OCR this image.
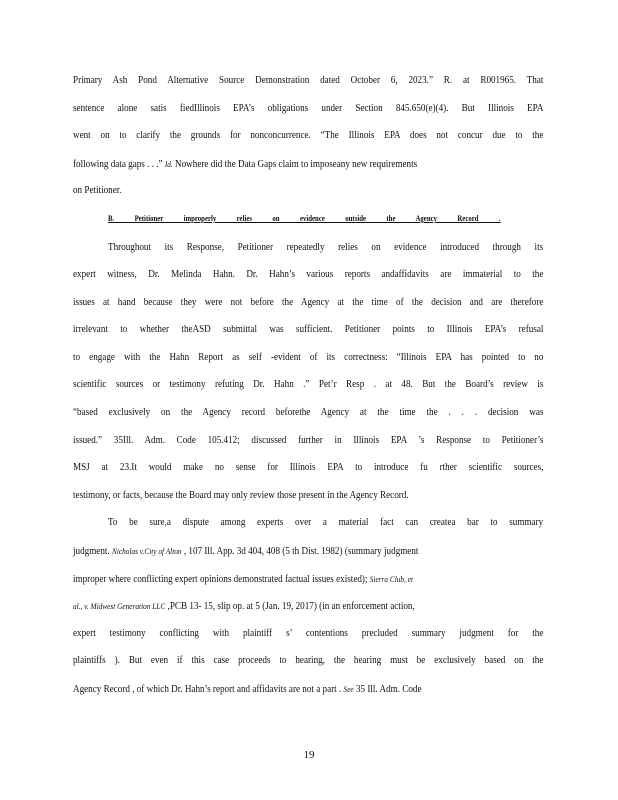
Primary Ash Pond Alternative Source Demonstration dated October 6, 2023.” R. at R001965. That
sentence alone satis fiedIllinois EPA’s obligations under Section 845.650(e)(4). But Illinois EPA
went on to clarify the grounds for nonconcurrence. “The Illinois EPA does not concur due to the
following data gaps . . .” Id. Nowhere did the Data Gaps claim to imposeany new requirements
on Petitioner.
B. Petitioner improperly relies on evidence outside the Agency Record .
Throughout its Response, Petitioner repeatedly relies on evidence introduced through its
expert witness, Dr. Melinda Hahn. Dr. Hahn’s various reports andaffidavits are immaterial to the
issues at hand because they were not before the Agency at the time of the decision and are therefore
irrelevant to whether theASD submittal was sufficient. Petitioner points to Illinois EPA’s refusal
to engage with the Hahn Report as self -evident of its correctness: “Illinois EPA has pointed to no
scientific sources or testimony refuting Dr. Hahn .” Pet’r Resp . at 48. But the Board’s review is
“based exclusively on the Agency record beforethe Agency at the time the . . . decision was
issued.” 35Ill. Adm. Code 105.412; discussed further in Illinois EPA ’s Response to Petitioner’s
MSJ at 23.It would make no sense for Illinois EPA to introduce fu rther scientific sources,
testimony, or facts, because the Board may only review those present in the Agency Record.
To be sure,a dispute among experts over a material fact can createa bar to summary
judgment. Nicholas v.City of Alton , 107 Ill. App. 3d 404, 408 (5 th Dist. 1982) (summary judgment
improper where conflicting expert opinions demonstrated factual issues existed); Sierra Club, et
al., v. Midwest Generation LLC ,PCB 13- 15, slip op. at 5 (Jan. 19, 2017) (in an enforcement action,
expert testimony conflicting with plaintiff s’ contentions precluded summary judgment for the
plaintiffs ). But even if this case proceeds to hearing, the hearing must be exclusively based on the
Agency Record , of which Dr. Hahn’s report and affidavits are not a part . See 35 Ill. Adm. Code
19
